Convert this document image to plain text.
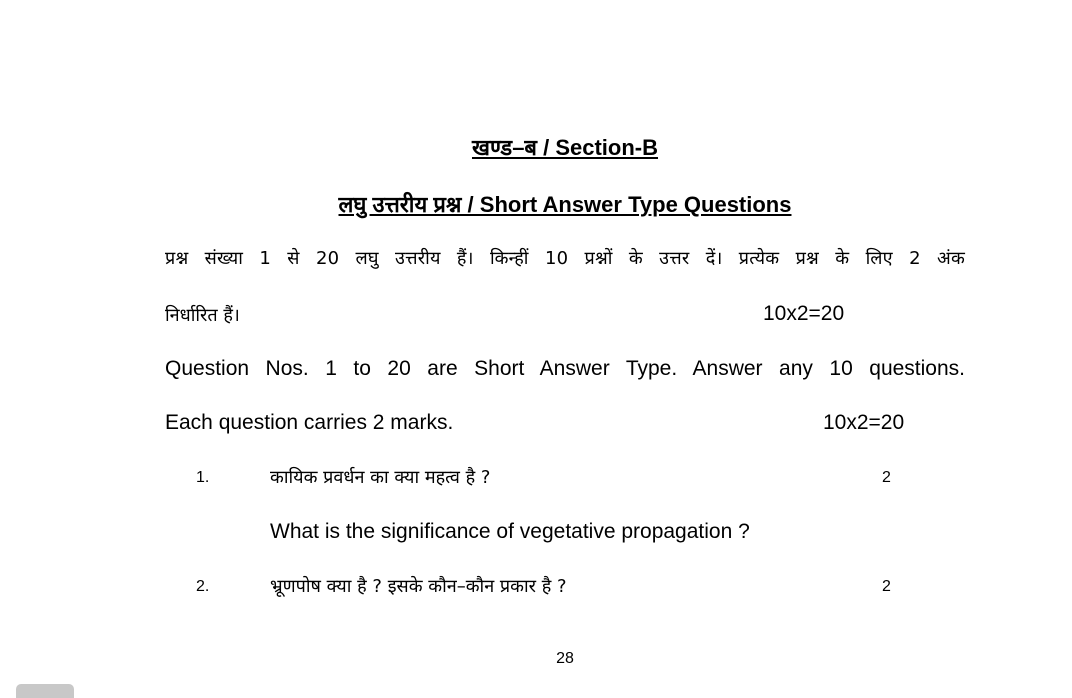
खण्ड–ब / Section-B
लघु उत्तरीय प्रश्न / Short Answer Type Questions
प्रश्न संख्या 1 से 20 लघु उत्तरीय हैं। किन्हीं 10 प्रश्नों के उत्तर दें। प्रत्येक प्रश्न के लिए 2 अंक
निर्धारित हैं।	10x2=20
Question Nos. 1 to 20 are Short Answer Type. Answer any 10 questions.
Each question carries 2 marks.	10x2=20
1.	कायिक प्रवर्धन का क्या महत्व है ?	2
What is the significance of vegetative propagation ?
2.	भ्रूणपोष क्या है ? इसके कौन–कौन प्रकार है ?	2
28
